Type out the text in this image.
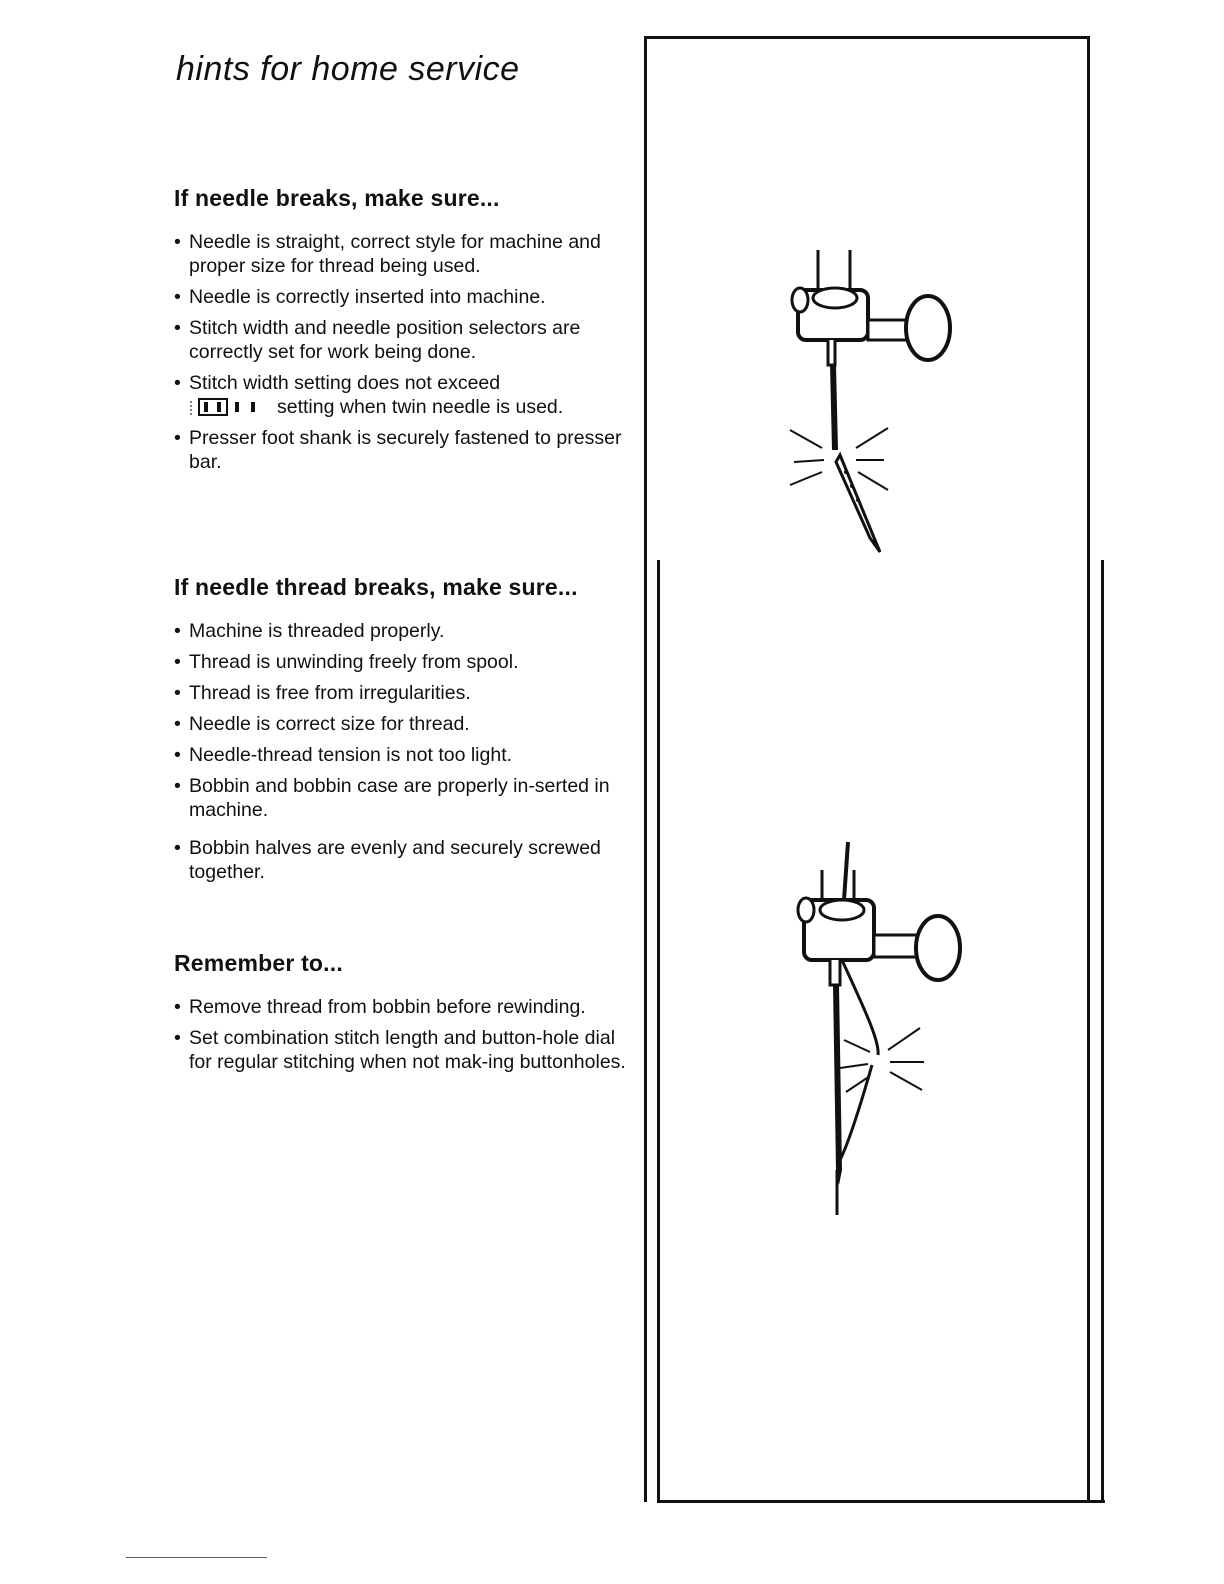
hints for home service
If needle breaks, make sure...
• Needle is straight, correct style for machine and proper size for thread being used.
• Needle is correctly inserted into machine.
• Stitch width and needle position selectors are correctly set for work being done.
• Stitch width setting does not exceed
setting when twin needle is used.
• Presser foot shank is securely fastened to presser bar.
If needle thread breaks, make sure...
• Machine is threaded properly.
• Thread is unwinding freely from spool.
• Thread is free from irregularities.
• Needle is correct size for thread.
• Needle-thread tension is not too light.
• Bobbin and bobbin case are properly in-serted in machine.
• Bobbin halves are evenly and securely screwed together.
Remember to...
• Remove thread from bobbin before rewinding.
• Set combination stitch length and button-hole dial for regular stitching when not mak-ing buttonholes.
